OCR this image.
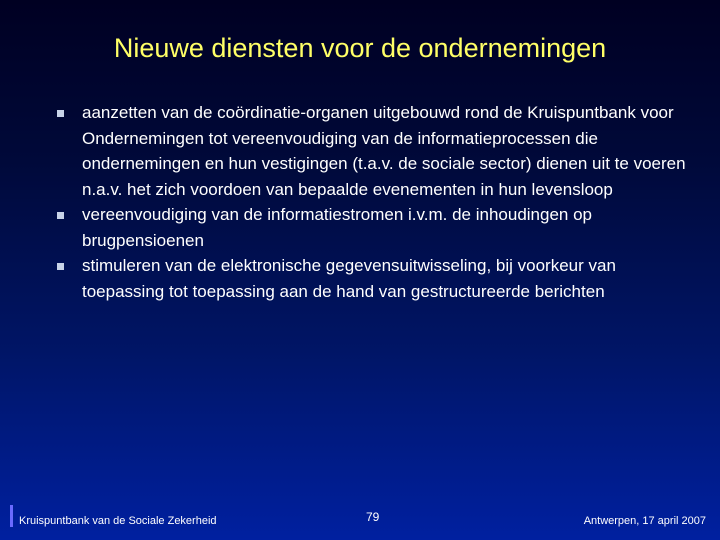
Nieuwe diensten voor de ondernemingen
aanzetten van de coördinatie-organen uitgebouwd rond de Kruispuntbank voor Ondernemingen tot vereenvoudiging van de informatieprocessen die ondernemingen en hun vestigingen (t.a.v. de sociale sector) dienen uit te voeren n.a.v. het zich voordoen van bepaalde evenementen in hun levensloop
vereenvoudiging van de informatiestromen i.v.m. de inhoudingen op brugpensioenen
stimuleren van de elektronische gegevensuitwisseling, bij voorkeur van toepassing tot toepassing aan de hand van gestructureerde berichten
Kruispuntbank van de Sociale Zekerheid	79	Antwerpen, 17 april 2007
